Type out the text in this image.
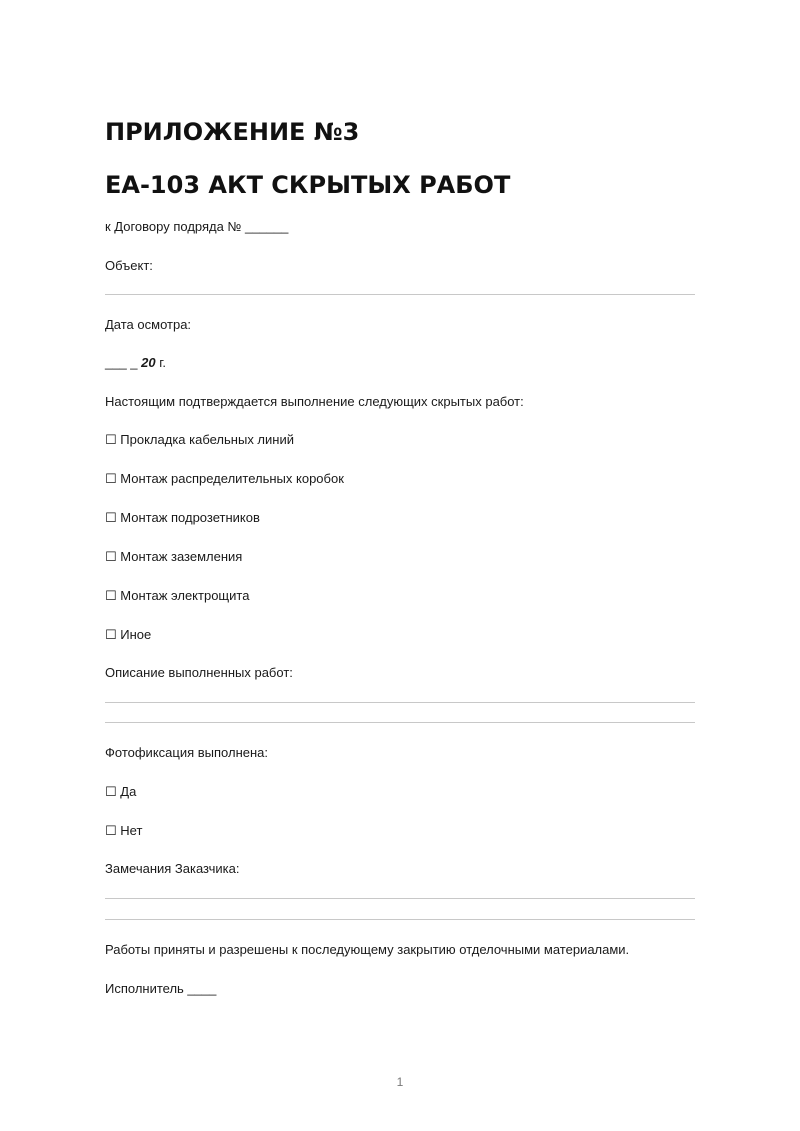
ПРИЛОЖЕНИЕ №3
ЕА-103 АКТ СКРЫТЫХ РАБОТ

к Договору подряда № ______

Объект:

Дата осмотра:

___ _ 20 г.

Настоящим подтверждается выполнение следующих скрытых работ:

☐ Прокладка кабельных линий

☐ Монтаж распределительных коробок

☐ Монтаж подрозетников

☐ Монтаж заземления

☐ Монтаж электрощита

☐ Иное

Описание выполненных работ:

Фотофиксация выполнена:

☐ Да

☐ Нет

Замечания Заказчика:

Работы приняты и разрешены к последующему закрытию отделочными материалами.

Исполнитель ____

1
